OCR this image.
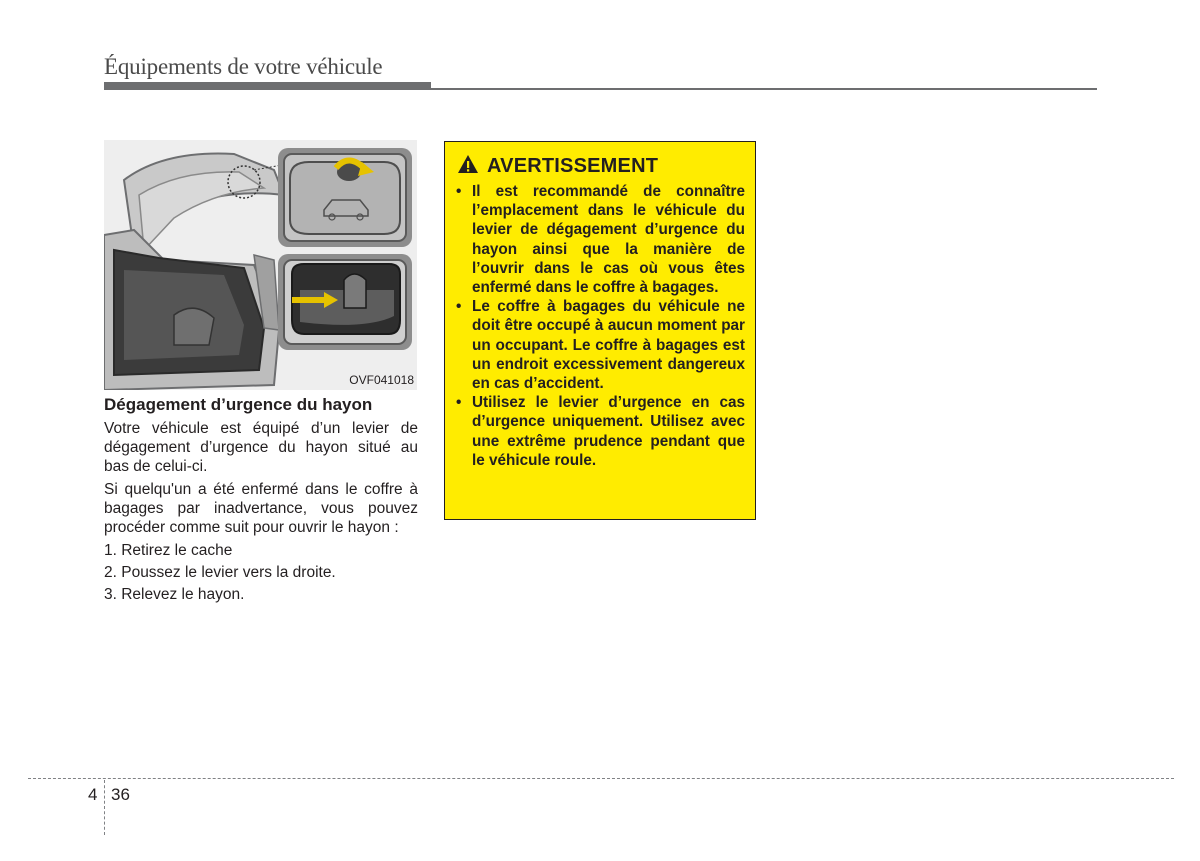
Équipements de votre véhicule
OVF041018
Dégagement d’urgence du hayon

Votre véhicule est équipé d’un levier de dégagement d’urgence du hayon situé au bas de celui-ci.

Si quelqu'un a été enfermé dans le coffre à bagages par inadvertance, vous pouvez procéder comme suit pour ouvrir le hayon :

1. Retirez le cache
2. Poussez le levier vers la droite.
3. Relevez le hayon.
AVERTISSEMENT
• Il est recommandé de connaître l’emplacement dans le véhicule du levier de dégagement d’urgence du hayon ainsi que la manière de l’ouvrir dans le cas où vous êtes enfermé dans le coffre à bagages.
• Le coffre à bagages du véhicule ne doit être occupé à aucun moment par un occupant. Le coffre à bagages est un endroit excessivement dangereux en cas d’accident.
• Utilisez le levier d’urgence en cas d’urgence uniquement. Utilisez avec une extrême prudence pendant que le véhicule roule.
4 36
